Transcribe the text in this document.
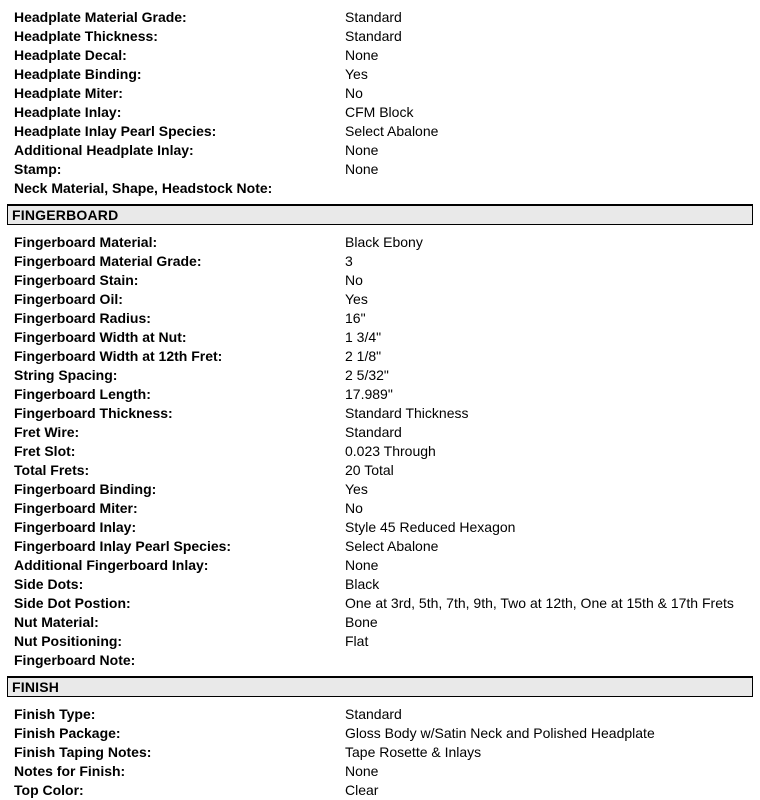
Headplate Material Grade:	Standard
Headplate Thickness:	Standard
Headplate Decal:	None
Headplate Binding:	Yes
Headplate Miter:	No
Headplate Inlay:	CFM Block
Headplate Inlay Pearl Species:	Select Abalone
Additional Headplate Inlay:	None
Stamp:	None
Neck Material, Shape, Headstock Note:
FINGERBOARD
Fingerboard Material:	Black Ebony
Fingerboard Material Grade:	3
Fingerboard Stain:	No
Fingerboard Oil:	Yes
Fingerboard Radius:	16"
Fingerboard Width at Nut:	1 3/4"
Fingerboard Width at 12th Fret:	2 1/8"
String Spacing:	2 5/32"
Fingerboard Length:	17.989"
Fingerboard Thickness:	Standard Thickness
Fret Wire:	Standard
Fret Slot:	0.023 Through
Total Frets:	20 Total
Fingerboard Binding:	Yes
Fingerboard Miter:	No
Fingerboard Inlay:	Style 45 Reduced Hexagon
Fingerboard Inlay Pearl Species:	Select Abalone
Additional Fingerboard Inlay:	None
Side Dots:	Black
Side Dot Postion:	One at 3rd, 5th, 7th, 9th, Two at 12th, One at 15th & 17th Frets
Nut Material:	Bone
Nut Positioning:	Flat
Fingerboard Note:
FINISH
Finish Type:	Standard
Finish Package:	Gloss Body w/Satin Neck and Polished Headplate
Finish Taping Notes:	Tape Rosette & Inlays
Notes for Finish:	None
Top Color:	Clear
